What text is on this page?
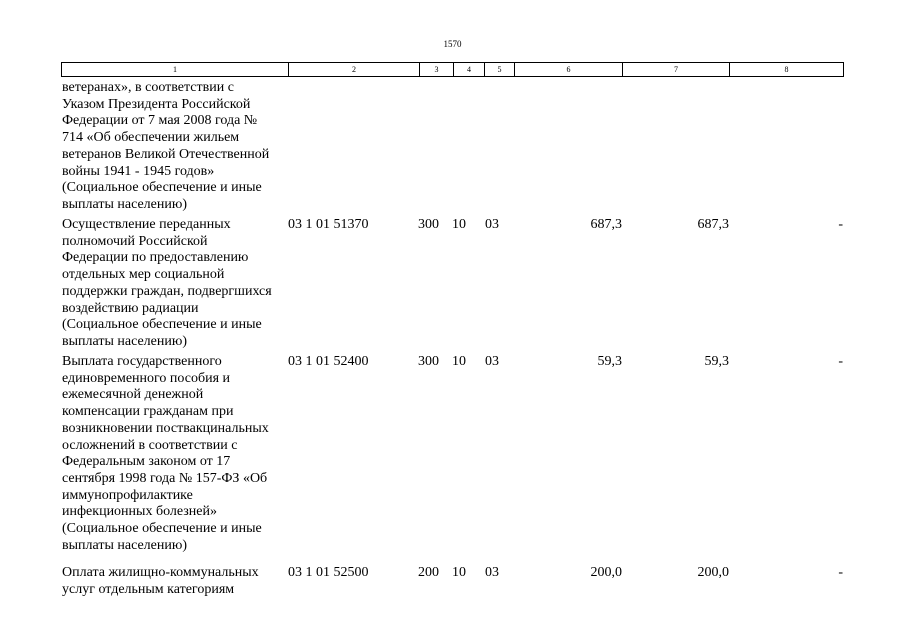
1570
1	2	3	4	5	6	7	8
ветеранах», в соответствии с
Указом Президента Российской
Федерации от 7 мая 2008 года №
714 «Об обеспечении жильем
ветеранов Великой Отечественной
войны 1941 - 1945 годов»
(Социальное обеспечение и иные
выплаты населению)
Осуществление переданных
полномочий Российской
Федерации по предоставлению
отдельных мер социальной
поддержки граждан, подвергшихся
воздействию радиации
(Социальное обеспечение и иные
выплаты населению)
03 1 01 51370	300 10 03	687,3	687,3	-
Выплата государственного
единовременного пособия и
ежемесячной денежной
компенсации гражданам при
возникновении поствакцинальных
осложнений в соответствии с
Федеральным законом от 17
сентября 1998 года № 157-ФЗ «Об
иммунопрофилактике
инфекционных болезней»
(Социальное обеспечение и иные
выплаты населению)
03 1 01 52400	300 10 03	59,3	59,3	-
Оплата жилищно-коммунальных
услуг отдельным категориям
03 1 01 52500	200 10 03	200,0	200,0	-
